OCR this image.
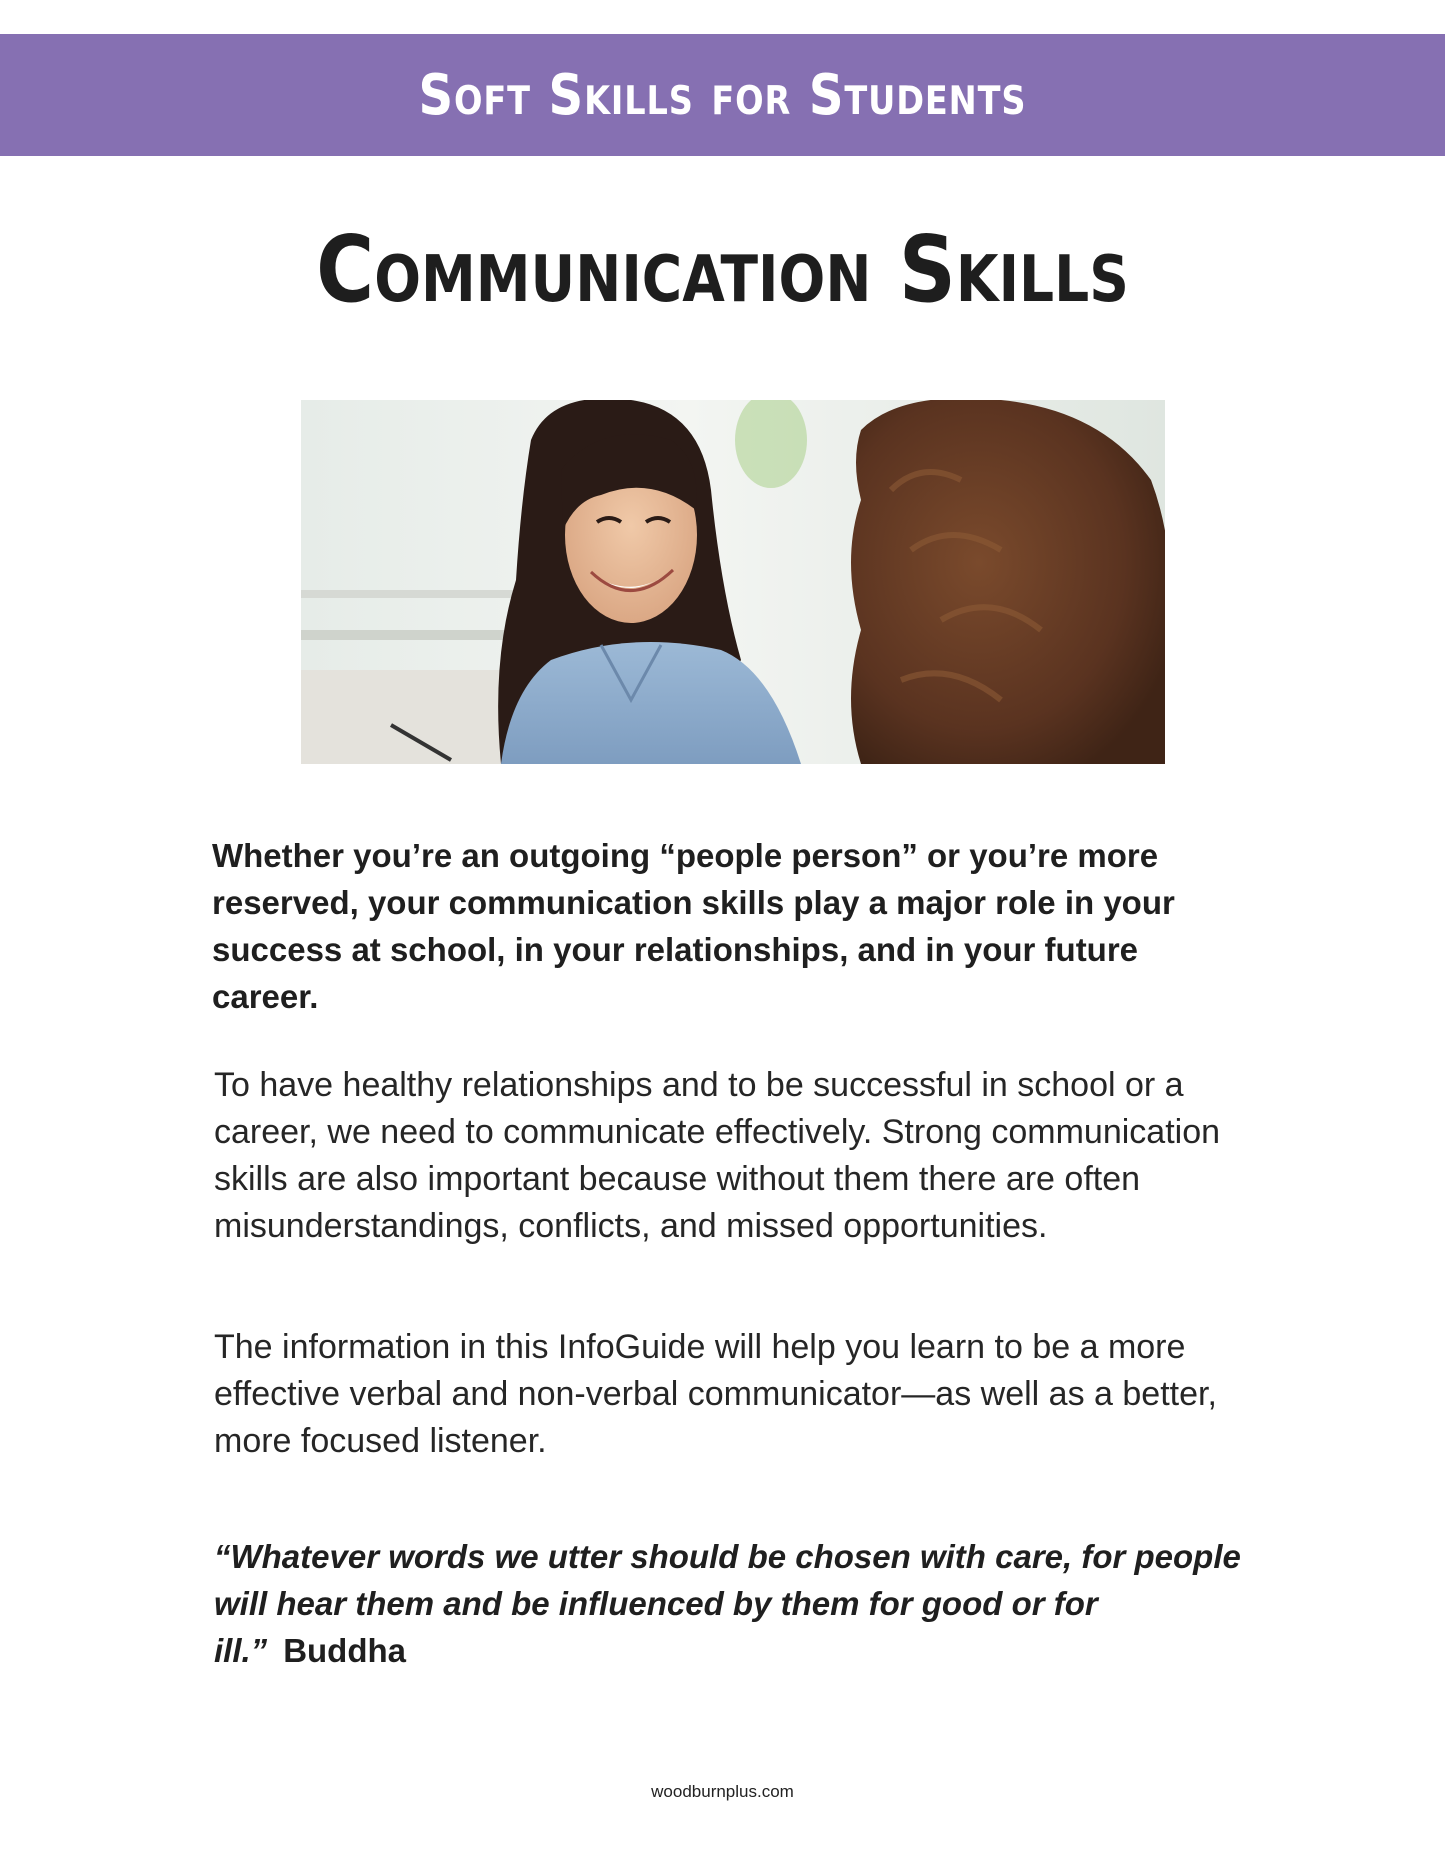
Soft Skills for Students
Communication Skills

Whether you’re an outgoing “people person” or you’re more reserved, your communication skills play a major role in your success at school, in your relationships, and in your future career.

To have healthy relationships and to be successful in school or a career, we need to communicate effectively. Strong communication skills are also important because without them there are often misunderstandings, conflicts, and missed opportunities.

The information in this InfoGuide will help you learn to be a more effective verbal and non-verbal communicator—as well as a better, more focused listener.

“Whatever words we utter should be chosen with care, for people will hear them and be influenced by them for good or for ill.” Buddha

woodburnplus.com
